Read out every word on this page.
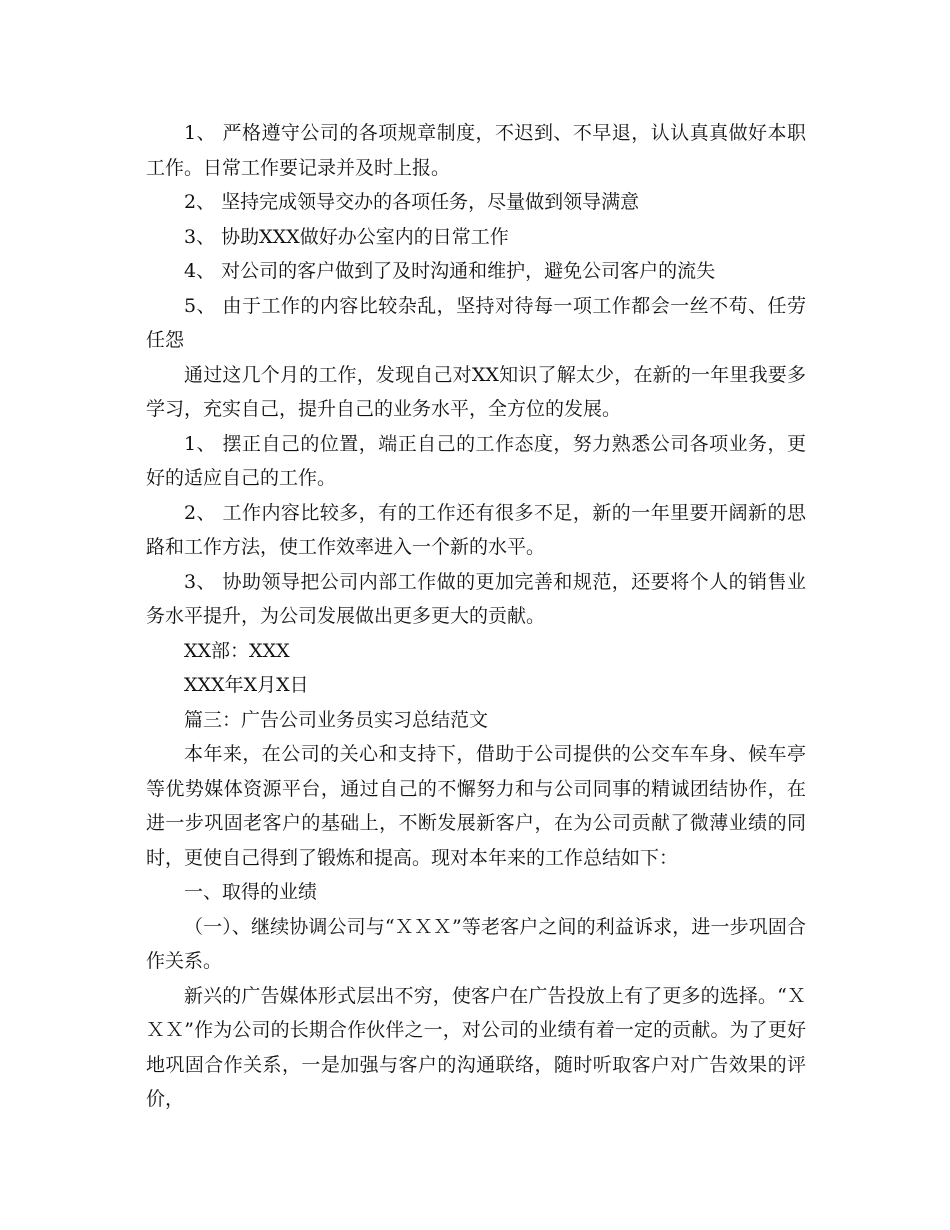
1、 严格遵守公司的各项规章制度，不迟到、不早退，认认真真做好本职工作。日常工作要记录并及时上报。

2、 坚持完成领导交办的各项任务，尽量做到领导满意

3、 协助XXX做好办公室内的日常工作

4、 对公司的客户做到了及时沟通和维护，避免公司客户的流失

5、 由于工作的内容比较杂乱，坚持对待每一项工作都会一丝不苟、任劳任怨

通过这几个月的工作，发现自己对XX知识了解太少，在新的一年里我要多学习，充实自己，提升自己的业务水平，全方位的发展。

1、 摆正自己的位置，端正自己的工作态度，努力熟悉公司各项业务，更好的适应自己的工作。

2、 工作内容比较多，有的工作还有很多不足，新的一年里要开阔新的思路和工作方法，使工作效率进入一个新的水平。

3、 协助领导把公司内部工作做的更加完善和规范，还要将个人的销售业务水平提升，为公司发展做出更多更大的贡献。

XX部：XXX

XXX年X月X日

篇三：广告公司业务员实习总结范文

本年来，在公司的关心和支持下，借助于公司提供的公交车车身、候车亭等优势媒体资源平台，通过自己的不懈努力和与公司同事的精诚团结协作，在进一步巩固老客户的基础上，不断发展新客户，在为公司贡献了微薄业绩的同时，更使自己得到了锻炼和提高。现对本年来的工作总结如下：

一、取得的业绩

（一）、继续协调公司与“ＸＸＸ”等老客户之间的利益诉求，进一步巩固合作关系。

新兴的广告媒体形式层出不穷，使客户在广告投放上有了更多的选择。“ＸＸＸ”作为公司的长期合作伙伴之一，对公司的业绩有着一定的贡献。为了更好地巩固合作关系，一是加强与客户的沟通联络，随时听取客户对广告效果的评价，
